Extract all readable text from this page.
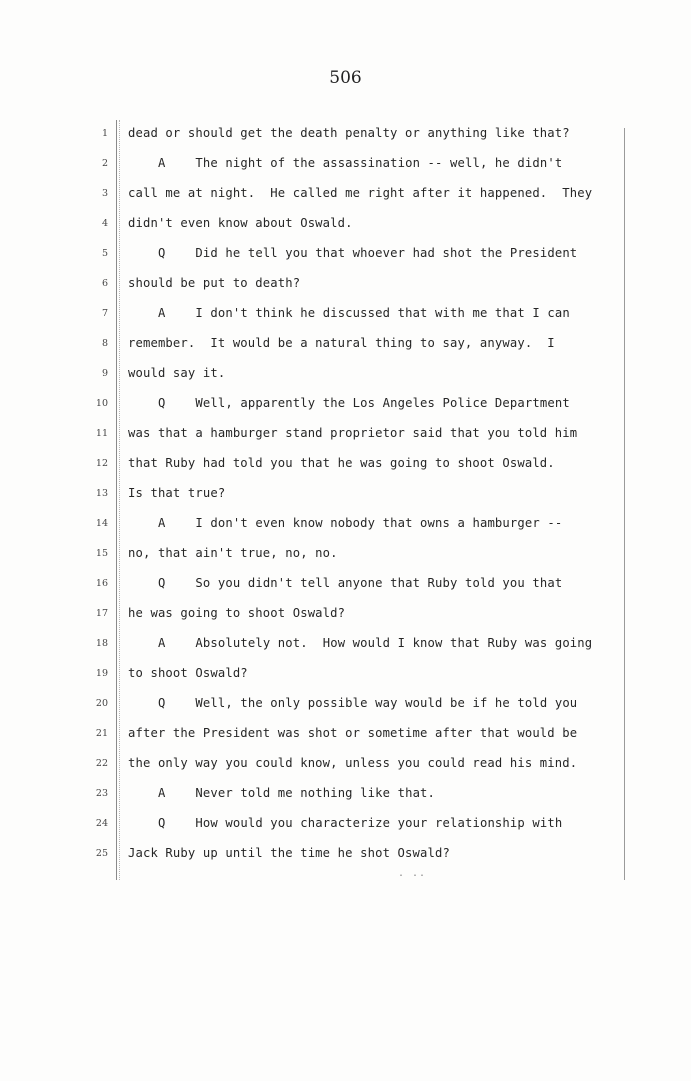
506
1 dead or should get the death penalty or anything like that?
2	A    The night of the assassination -- well, he didn't
3 call me at night.  He called me right after it happened.  They
4 didn't even know about Oswald.
5	Q    Did he tell you that whoever had shot the President
6 should be put to death?
7	A    I don't think he discussed that with me that I can
8 remember.  It would be a natural thing to say, anyway.  I
9 would say it.
10	Q    Well, apparently the Los Angeles Police Department
11 was that a hamburger stand proprietor said that you told him
12 that Ruby had told you that he was going to shoot Oswald.
13 Is that true?
14	A    I don't even know nobody that owns a hamburger --
15 no, that ain't true, no, no.
16	Q    So you didn't tell anyone that Ruby told you that
17 he was going to shoot Oswald?
18	A    Absolutely not.  How would I know that Ruby was going
19 to shoot Oswald?
20	Q    Well, the only possible way would be if he told you
21 after the President was shot or sometime after that would be
22 the only way you could know, unless you could read his mind.
23	A    Never told me nothing like that.
24	Q    How would you characterize your relationship with
25 Jack Ruby up until the time he shot Oswald?
. ..
